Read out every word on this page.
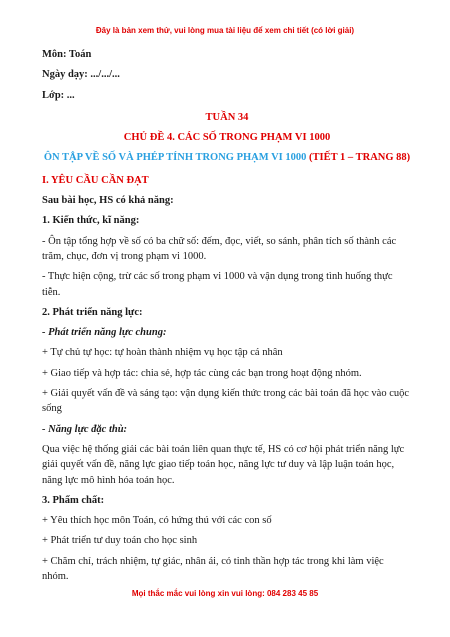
Đây là bản xem thử, vui lòng mua tài liệu để xem chi tiết (có lời giải)

Môn: Toán

Ngày dạy: .../.../...

Lớp: ...

TUẦN 34

CHỦ ĐỀ 4. CÁC SỐ TRONG PHẠM VI 1000

ÔN TẬP VỀ SỐ VÀ PHÉP TÍNH TRONG PHẠM VI 1000 (TIẾT 1 – TRANG 88)

I. YÊU CẦU CẦN ĐẠT

Sau bài học, HS có khả năng:

1. Kiến thức, kĩ năng:

- Ôn tập tổng hợp về số có ba chữ số: đếm, đọc, viết, so sánh, phân tích số thành các trăm, chục, đơn vị trong phạm vi 1000.

- Thực hiện cộng, trừ các số trong phạm vi 1000 và vận dụng trong tình huống thực tiễn.

2. Phát triển năng lực:

- Phát triển năng lực chung:

+ Tự chủ tự học: tự hoàn thành nhiệm vụ học tập cá nhân

+ Giao tiếp và hợp tác: chia sẻ, hợp tác cùng các bạn trong hoạt động nhóm.

+ Giải quyết vấn đề và sáng tạo: vận dụng kiến thức trong các bài toán đã học vào cuộc sống

- Năng lực đặc thù:

Qua việc hệ thống giải các bài toán liên quan thực tế, HS có cơ hội phát triển năng lực giải quyết vấn đề, năng lực giao tiếp toán học, năng lực tư duy và lập luận toán học, năng lực mô hình hóa toán học.

3. Phẩm chất:

+ Yêu thích học môn Toán, có hứng thú với các con số

+ Phát triển tư duy toán cho học sinh

+ Chăm chỉ, trách nhiệm, tự giác, nhân ái, có tinh thần hợp tác trong khi làm việc nhóm.

Mọi thắc mắc vui lòng xin vui lòng: 084 283 45 85
